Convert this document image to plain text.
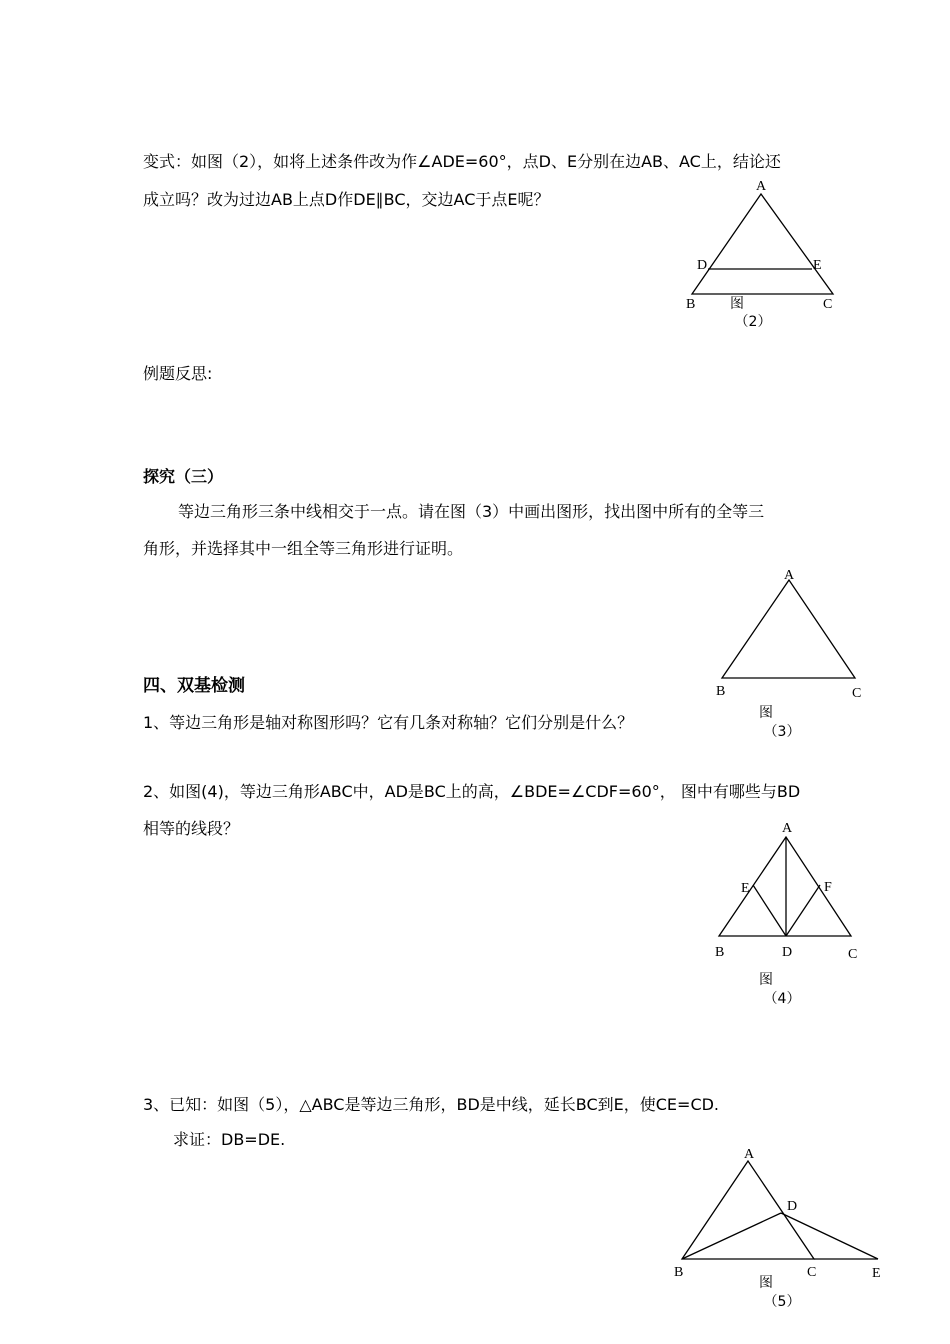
变式：如图（2），如将上述条件改为作∠ADE=60°，点D、E分别在边AB、AC上，结论还
成立吗？改为过边AB上点D作DE∥BC，交边AC于点E呢？
A
B	C
D	E
图
（2）
例题反思:
探究（三）
等边三角形三条中线相交于一点。请在图（3）中画出图形，找出图中所有的全等三
角形，并选择其中一组全等三角形进行证明。
A
B	C
图
（3）
四、双基检测
1、等边三角形是轴对称图形吗？它有几条对称轴？它们分别是什么？
2、如图(4)，等边三角形ABC中，AD是BC上的高，∠BDE=∠CDF=60°， 图中有哪些与BD
相等的线段？	A
B	C
D
E	F
图
（4）
3、已知：如图（5），△ABC是等边三角形，BD是中线，延长BC到E，使CE=CD.
求证：DB=DE.
A
B	C
D
E
图
（5）
